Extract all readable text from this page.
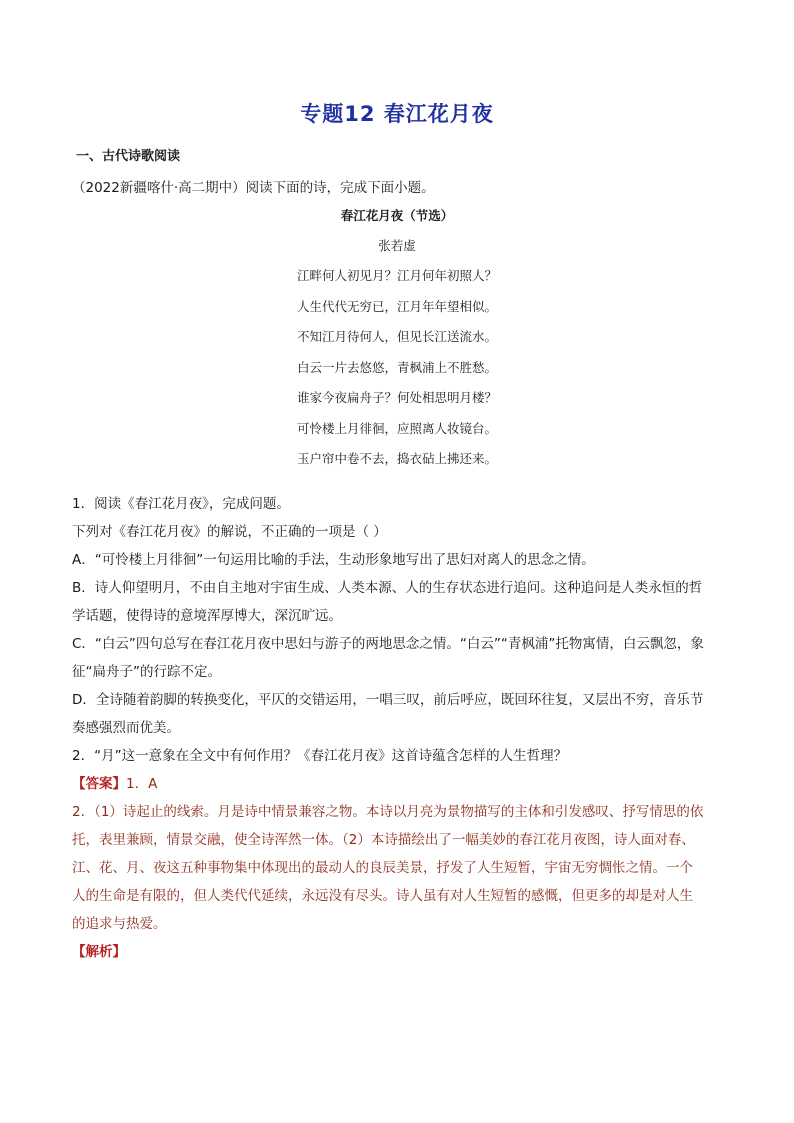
专题12 春江花月夜
一、古代诗歌阅读
（2022新疆喀什·高二期中）阅读下面的诗，完成下面小题。
春江花月夜（节选）
张若虚
江畔何人初见月？江月何年初照人？
人生代代无穷已，江月年年望相似。
不知江月待何人，但见长江送流水。
白云一片去悠悠，青枫浦上不胜愁。
谁家今夜扁舟子？何处相思明月楼？
可怜楼上月徘徊，应照离人妆镜台。
玉户帘中卷不去，捣衣砧上拂还来。
1．阅读《春江花月夜》，完成问题。
下列对《春江花月夜》的解说，不正确的一项是（ ）
A．“可怜楼上月徘徊”一句运用比喻的手法，生动形象地写出了思妇对离人的思念之情。
B．诗人仰望明月，不由自主地对宇宙生成、人类本源、人的生存状态进行追问。这种追问是人类永恒的哲
学话题，使得诗的意境浑厚博大，深沉旷远。
C．“白云”四句总写在春江花月夜中思妇与游子的两地思念之情。“白云”“青枫浦”托物寓情，白云飘忽，象
征“扁舟子”的行踪不定。
D．全诗随着韵脚的转换变化，平仄的交错运用，一唱三叹，前后呼应，既回环往复，又层出不穷，音乐节
奏感强烈而优美。
2．“月”这一意象在全文中有何作用？《春江花月夜》这首诗蕴含怎样的人生哲理？
【答案】1．A
2．（1）诗起止的线索。月是诗中情景兼容之物。本诗以月亮为景物描写的主体和引发感叹、抒写情思的依
托，表里兼顾，情景交融，使全诗浑然一体。（2）本诗描绘出了一幅美妙的春江花月夜图，诗人面对春、
江、花、月、夜这五种事物集中体现出的最动人的良辰美景，抒发了人生短暂，宇宙无穷惆怅之情。一个
人的生命是有限的，但人类代代延续，永远没有尽头。诗人虽有对人生短暂的感慨，但更多的却是对人生
的追求与热爱。
【解析】
